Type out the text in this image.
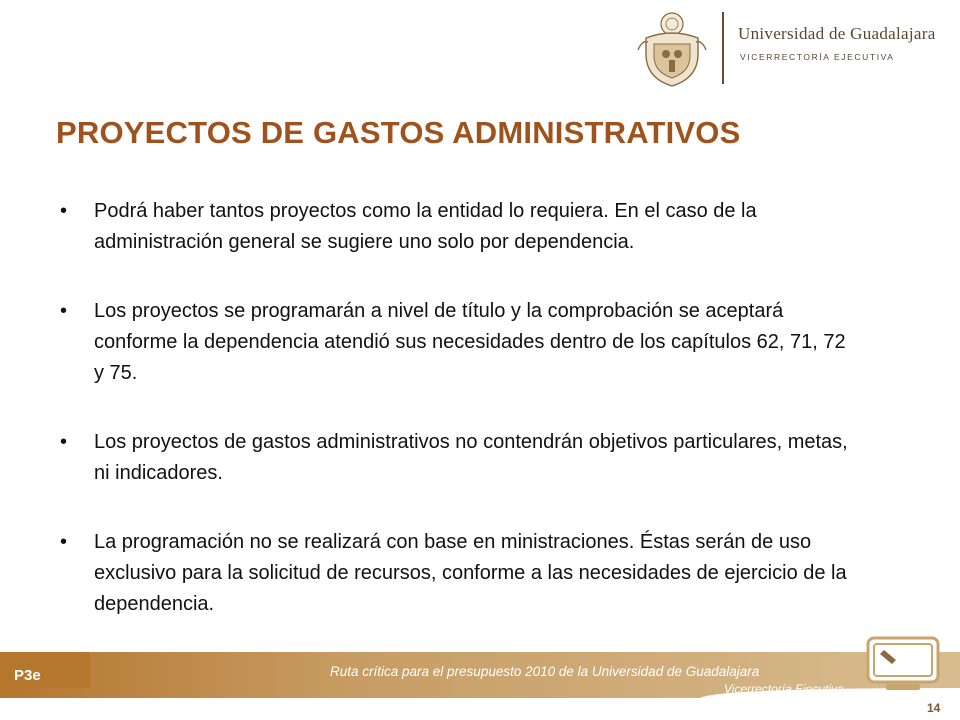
Universidad de Guadalajara
VICERRECTORÍA EJECUTIVA
PROYECTOS DE GASTOS ADMINISTRATIVOS
• Podrá haber tantos proyectos como la entidad lo requiera. En el caso de la administración general se sugiere uno solo por dependencia.
• Los proyectos se programarán a nivel de título y la comprobación se aceptará conforme la dependencia atendió sus necesidades dentro de los capítulos 62, 71, 72 y 75.
• Los proyectos de gastos administrativos no contendrán objetivos particulares, metas, ni indicadores.
• La programación no se realizará con base en ministraciones. Éstas serán de uso exclusivo para la solicitud de recursos, conforme a las necesidades de ejercicio de la dependencia.
P3e	Ruta crítica para el presupuesto 2010 de la Universidad de Guadalajara
Vicerrectoría Ejecutiva
14
